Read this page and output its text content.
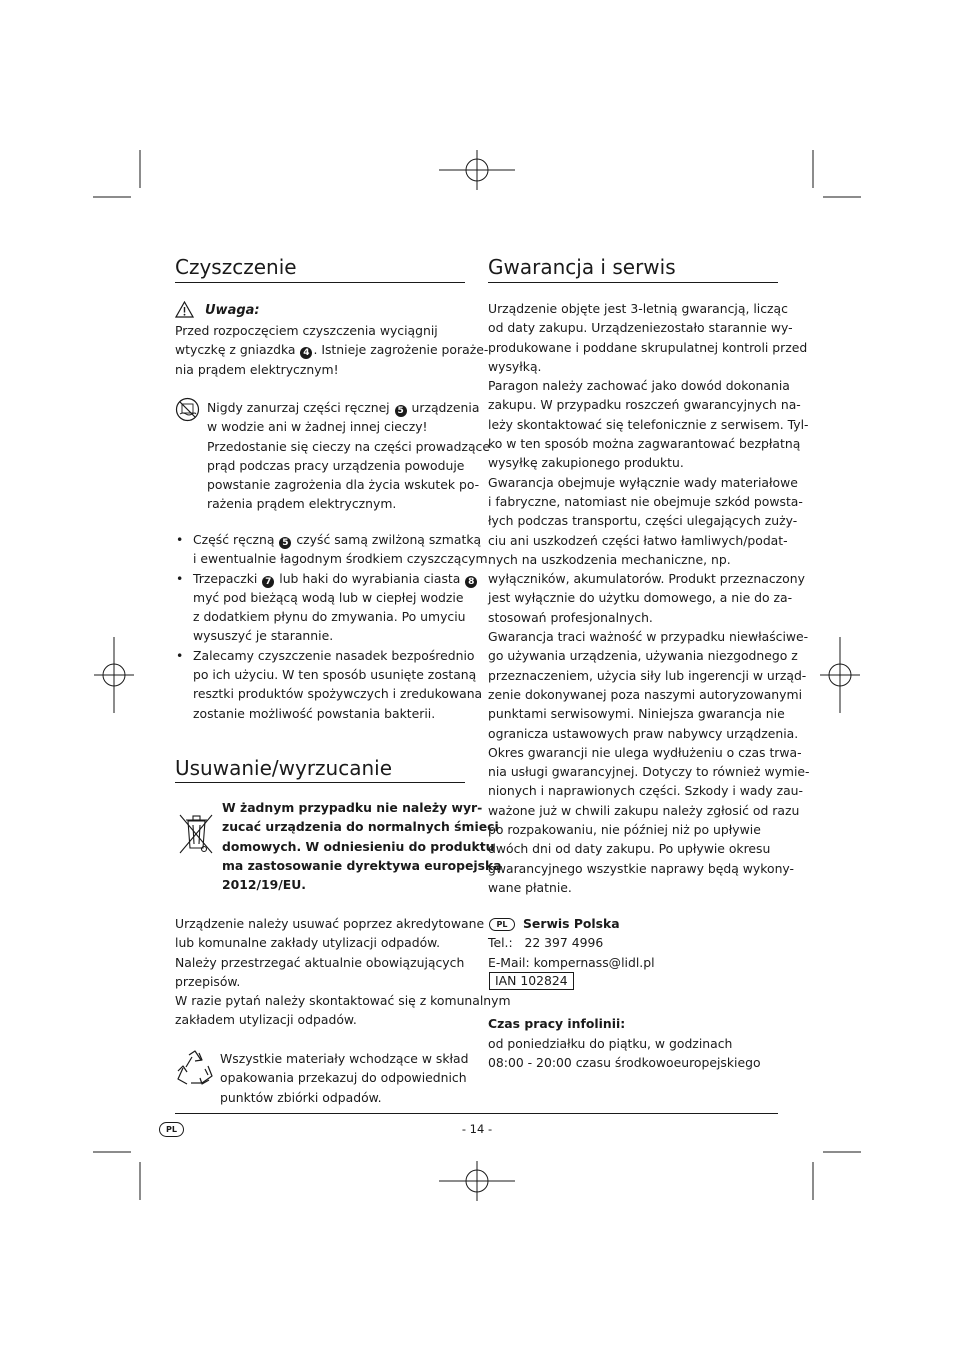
Czyszczenie
Uwaga:

Przed rozpoczęciem czyszczenia wyciągnij

wtyczkę z gniazdka 4 . Istnieje zagrożenie poraże-

nia prądem elektrycznym!

Nigdy zanurzaj części ręcznej 5 urządzenia

w wodzie ani w żadnej innej cieczy!

Przedostanie się cieczy na części prowadzące

prąd podczas pracy urządzenia powoduje

powstanie zagrożenia dla życia wskutek po-

rażenia prądem elektrycznym.

• Część ręczną 5 czyść samą zwilżoną szmatką

i ewentualnie łagodnym środkiem czyszczącym.

• Trzepaczki 7 lub haki do wyrabiania ciasta 8

myć pod bieżącą wodą lub w ciepłej wodzie

z dodatkiem płynu do zmywania. Po umyciu

wysuszyć je starannie.

• Zalecamy czyszczenie nasadek bezpośrednio

po ich użyciu. W ten sposób usunięte zostaną

resztki produktów spożywczych i zredukowana

zostanie możliwość powstania bakterii.

Usuwanie/wyrzucanie

W żadnym przypadku nie należy wyr-

zucać urządzenia do normalnych śmieci

domowych. W odniesieniu do produktu

ma zastosowanie dyrektywa europejska

2012/19/EU.

Urządzenie należy usuwać poprzez akredytowane

lub komunalne zakłady utylizacji odpadów.

Należy przestrzegać aktualnie obowiązujących

przepisów.

W razie pytań należy skontaktować się z komunalnym

zakładem utylizacji odpadów.

Wszystkie materiały wchodzące w skład

opakowania przekazuj do odpowiednich

punktów zbiórki odpadów.

Gwarancja i serwis

Urządzenie objęte jest 3-letnią gwarancją, licząc

od daty zakupu. Urządzeniezostało starannie wy-

produkowane i poddane skrupulatnej kontroli przed

wysyłką.

Paragon należy zachować jako dowód dokonania

zakupu. W przypadku roszczeń gwarancyjnych na-

leży skontaktować się telefonicznie z serwisem. Tyl-

ko w ten sposób można zagwarantować bezpłatną

wysyłkę zakupionego produktu.

Gwarancja obejmuje wyłącznie wady materiałowe

i fabryczne, natomiast nie obejmuje szkód powsta-

łych podczas transportu, części ulegających zuży-

ciu ani uszkodzeń części łatwo łamliwych/podat-

nych na uszkodzenia mechaniczne, np.

wyłączników, akumulatorów. Produkt przeznaczony

jest wyłącznie do użytku domowego, a nie do za-

stosowań profesjonalnych.

Gwarancja traci ważność w przypadku niewłaściwe-

go używania urządzenia, używania niezgodnego z

przeznaczeniem, użycia siły lub ingerencji w urząd-

zenie dokonywanej poza naszymi autoryzowanymi

punktami serwisowymi. Niniejsza gwarancja nie

ogranicza ustawowych praw nabywcy urządzenia.

Okres gwarancji nie ulega wydłużeniu o czas trwa-

nia usługi gwarancyjnej. Dotyczy to również wymie-

nionych i naprawionych części. Szkody i wady zau-

ważone już w chwili zakupu należy zgłosić od razu

po rozpakowaniu, nie później niż po upływie

dwóch dni od daty zakupu. Po upływie okresu

gwarancyjnego wszystkie naprawy będą wykony-

wane płatnie.

PL	Serwis Polska
Tel.:   22 397 4996
E-Mail: kompernass@lidl.pl
IAN 102824
Czas pracy infolinii:

od poniedziałku do piątku, w godzinach

08:00 - 20:00 czasu środkowoeuropejskiego

PL	- 14 -
